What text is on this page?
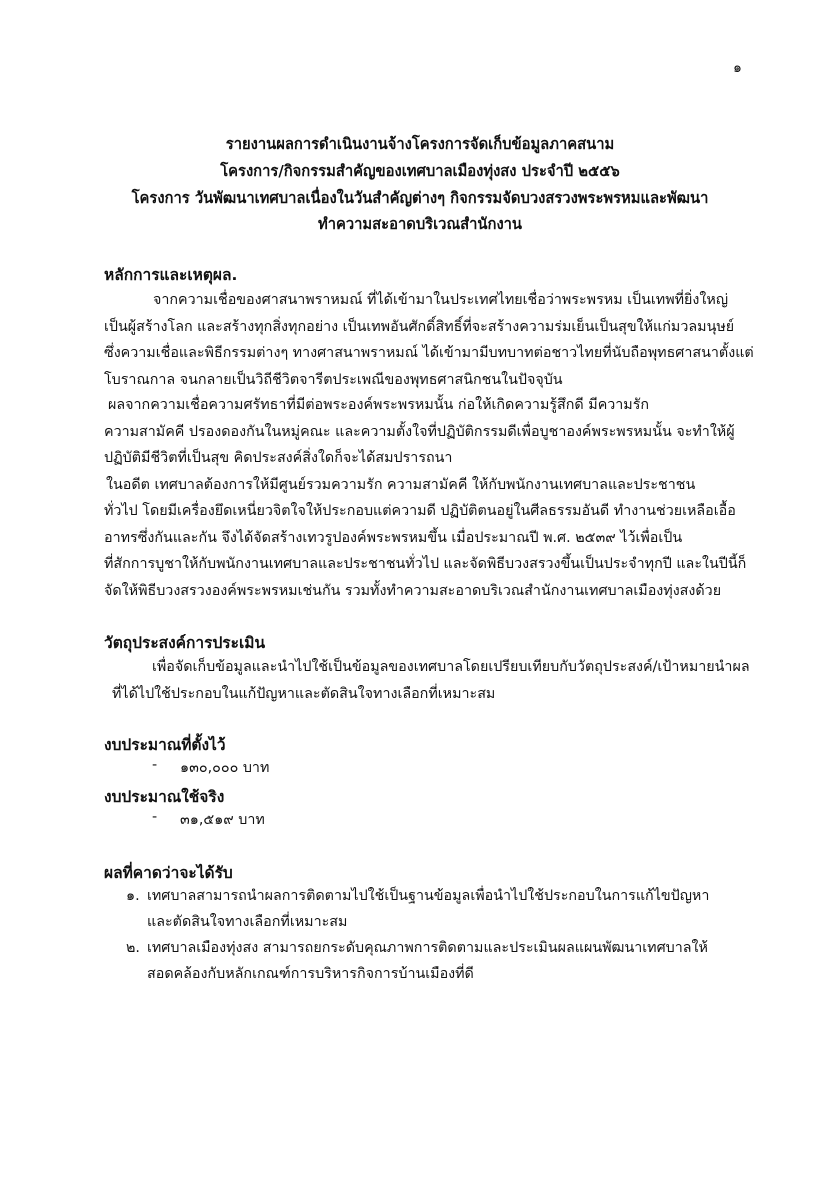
๑
รายงานผลการดำเนินงานจ้างโครงการจัดเก็บข้อมูลภาคสนาม
โครงการ/กิจกรรมสำคัญของเทศบาลเมืองทุ่งสง ประจำปี ๒๕๕๖
โครงการ วันพัฒนาเทศบาลเนื่องในวันสำคัญต่างๆ กิจกรรมจัดบวงสรวงพระพรหมและพัฒนา
ทำความสะอาดบริเวณสำนักงาน
หลักการและเหตุผล.
จากความเชื่อของศาสนาพราหมณ์ ที่ได้เข้ามาในประเทศไทยเชื่อว่าพระพรหม เป็นเทพที่ยิ่งใหญ่
เป็นผู้สร้างโลก และสร้างทุกสิ่งทุกอย่าง เป็นเทพอันศักดิ์สิทธิ์ที่จะสร้างความร่มเย็นเป็นสุขให้แก่มวลมนุษย์
ซึ่งความเชื่อและพิธีกรรมต่างๆ ทางศาสนาพราหมณ์ ได้เข้ามามีบทบาทต่อชาวไทยที่นับถือพุทธศาสนาตั้งแต่
โบราณกาล จนกลายเป็นวิถีชีวิตจารีตประเพณีของพุทธศาสนิกชนในปัจจุบัน
ผลจากความเชื่อความศรัทธาที่มีต่อพระองค์พระพรหมนั้น ก่อให้เกิดความรู้สึกดี มีความรัก
ความสามัคคี ปรองดองกันในหมู่คณะ และความตั้งใจที่ปฏิบัติกรรมดีเพื่อบูชาองค์พระพรหมนั้น จะทำให้ผู้
ปฏิบัติมีชีวิตที่เป็นสุข คิดประสงค์สิ่งใดก็จะได้สมปรารถนา
ในอดีต เทศบาลต้องการให้มีศูนย์รวมความรัก ความสามัคคี ให้กับพนักงานเทศบาลและประชาชน
ทั่วไป โดยมีเครื่องยึดเหนี่ยวจิตใจให้ประกอบแต่ความดี ปฏิบัติตนอยู่ในศีลธรรมอันดี ทำงานช่วยเหลือเอื้อ
อาทรซึ่งกันและกัน จึงได้จัดสร้างเทวรูปองค์พระพรหมขึ้น เมื่อประมาณปี พ.ศ. ๒๕๓๙ ไว้เพื่อเป็น
ที่สักการบูชาให้กับพนักงานเทศบาลและประชาชนทั่วไป และจัดพิธีบวงสรวงขึ้นเป็นประจำทุกปี และในปีนี้ก็
จัดให้พิธีบวงสรวงองค์พระพรหมเช่นกัน รวมทั้งทำความสะอาดบริเวณสำนักงานเทศบาลเมืองทุ่งสงด้วย
วัตถุประสงค์การประเมิน
เพื่อจัดเก็บข้อมูลและนำไปใช้เป็นข้อมูลของเทศบาลโดยเปรียบเทียบกับวัตถุประสงค์/เป้าหมายนำผล
ที่ได้ไปใช้ประกอบในแก้ปัญหาและตัดสินใจทางเลือกที่เหมาะสม
งบประมาณที่ตั้งไว้
- ๑๓๐,๐๐๐ บาท
งบประมาณใช้จริง
- ๓๑,๕๑๙ บาท
ผลที่คาดว่าจะได้รับ
๑. เทศบาลสามารถนำผลการติดตามไปใช้เป็นฐานข้อมูลเพื่อนำไปใช้ประกอบในการแก้ไขปัญหา
และตัดสินใจทางเลือกที่เหมาะสม
๒. เทศบาลเมืองทุ่งสง สามารถยกระดับคุณภาพการติดตามและประเมินผลแผนพัฒนาเทศบาลให้
สอดคล้องกับหลักเกณฑ์การบริหารกิจการบ้านเมืองที่ดี
